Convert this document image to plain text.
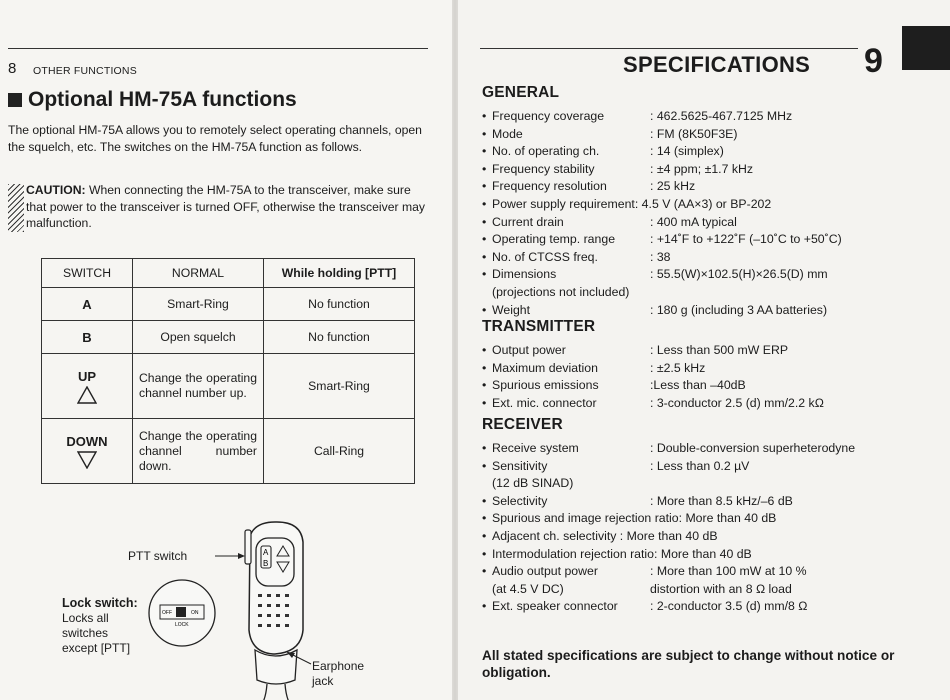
8 OTHER FUNCTIONS
Optional HM-75A functions
The optional HM-75A allows you to remotely select operating channels, open the squelch, etc. The switches on the HM-75A function as follows.
CAUTION: When connecting the HM-75A to the transceiver, make sure that power to the transceiver is turned OFF, otherwise the transceiver may malfunction.
SWITCH	NORMAL	While holding [PTT]

A	Smart-Ring	No function

B	Open squelch	No function

UP	Change the operating channel number up.	Smart-Ring

DOWN	Change the operating channel number down.	Call-Ring
A
B
OFF	ON
LOCK
PTT switch
Lock switch:
Locks all
switches
except [PTT]
Earphone
jack
SPECIFICATIONS 9
GENERAL
• Frequency coverage	: 462.5625-467.7125 MHz
• Mode	: FM (8K50F3E)
• No. of operating ch.	: 14 (simplex)
• Frequency stability	: ±4 ppm; ±1.7 kHz
• Frequency resolution	: 25 kHz
• Power supply requirement: 4.5 V (AA×3) or BP-202
• Current drain	: 400 mA typical
• Operating temp. range	: +14˚F to +122˚F (–10˚C to +50˚C)
• No. of CTCSS freq.	: 38
• Dimensions	: 55.5(W)×102.5(H)×26.5(D) mm
(projections not included)
• Weight	: 180 g (including 3 AA batteries)
TRANSMITTER
• Output power	: Less than 500 mW ERP
• Maximum deviation	: ±2.5 kHz
• Spurious emissions	:Less than –40dB
• Ext. mic. connector	: 3-conductor 2.5 (d) mm/2.2 kΩ
RECEIVER
• Receive system	: Double-conversion superheterodyne
• Sensitivity	: Less than 0.2 µV
(12 dB SINAD)
• Selectivity	: More than 8.5 kHz/–6 dB
• Spurious and image rejection ratio: More than 40 dB
• Adjacent ch. selectivity : More than 40 dB
• Intermodulation rejection ratio: More than 40 dB
• Audio output power	: More than 100 mW at 10 %
(at 4.5 V DC)	distortion with an 8 Ω load
• Ext. speaker connector	: 2-conductor 3.5 (d) mm/8 Ω
All stated specifications are subject to change without notice or obligation.
